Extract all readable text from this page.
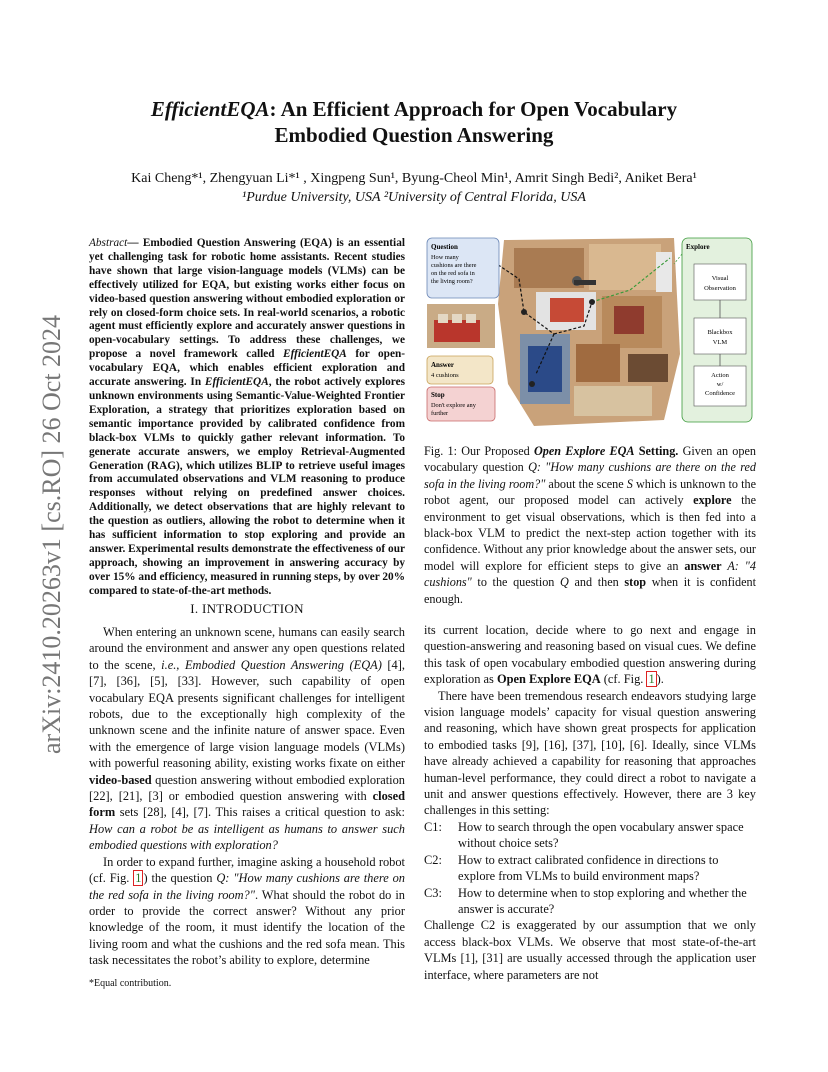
arXiv:2410.20263v1 [cs.RO] 26 Oct 2024
EfficientEQA: An Efficient Approach for Open Vocabulary
Embodied Question Answering
Kai Cheng*¹, Zhengyuan Li*¹ , Xingpeng Sun¹, Byung-Cheol Min¹, Amrit Singh Bedi², Aniket Bera¹
¹Purdue University, USA ²University of Central Florida, USA
Abstract— Embodied Question Answering (EQA) is an essential yet challenging task for robotic home assistants. Recent studies have shown that large vision-language models (VLMs) can be effectively utilized for EQA, but existing works either focus on video-based question answering without embodied exploration or rely on closed-form choice sets. In real-world scenarios, a robotic agent must efficiently explore and accurately answer questions in open-vocabulary settings. To address these challenges, we propose a novel framework called EfficientEQA for open-vocabulary EQA, which enables efficient exploration and accurate answering. In EfficientEQA, the robot actively explores unknown environments using Semantic-Value-Weighted Frontier Exploration, a strategy that prioritizes exploration based on semantic importance provided by calibrated confidence from black-box VLMs to quickly gather relevant information. To generate accurate answers, we employ Retrieval-Augmented Generation (RAG), which utilizes BLIP to retrieve useful images from accumulated observations and VLM reasoning to produce responses without relying on predefined answer choices. Additionally, we detect observations that are highly relevant to the question as outliers, allowing the robot to determine when it has sufficient information to stop exploring and provide an answer. Experimental results demonstrate the effectiveness of our approach, showing an improvement in answering accuracy by over 15% and efficiency, measured in running steps, by over 20% compared to state-of-the-art methods.
I. INTRODUCTION

When entering an unknown scene, humans can easily search around the environment and answer any open questions related to the scene, i.e., Embodied Question Answering (EQA) [4], [7], [36], [5], [33]. However, such capability of open vocabulary EQA presents significant challenges for intelligent robots, due to the exceptionally high complexity of the unknown scene and the infinite nature of answer space. Even with the emergence of large vision language models (VLMs) with powerful reasoning ability, existing works fixate on either video-based question answering without embodied exploration [22], [21], [3] or embodied question answering with closed form sets [28], [4], [7]. This raises a critical question to ask: How can a robot be as intelligent as humans to answer such embodied questions with exploration?

In order to expand further, imagine asking a household robot (cf. Fig. 1 ) the question Q: "How many cushions are there on the red sofa in the living room?". What should the robot do in order to provide the correct answer? Without any prior knowledge of the room, it must identify the location of the living room and what the cushions and the red sofa mean. This task necessitates the robot’s ability to explore, determine

Question
How many
cushions are there
on the red sofa in
the living room?
Answer
4 cushions
Stop
Don't explore any
further
Explore
Visual
Observation
Blackbox
VLM
Action
w/
Confidence
Fig. 1: Our Proposed Open Explore EQA Setting. Given an open vocabulary question Q: "How many cushions are there on the red sofa in the living room?" about the scene S which is unknown to the robot agent, our proposed model can actively explore the environment to get visual observations, which is then fed into a black-box VLM to predict the next-step action together with its confidence. Without any prior knowledge about the answer sets, our model will explore for efficient steps to give an answer A: "4 cushions" to the question Q and then stop when it is confident enough.

its current location, decide where to go next and engage in question-answering and reasoning based on visual cues. We define this task of open vocabulary embodied question answering during exploration as Open Explore EQA (cf. Fig. 1 ).

There have been tremendous research endeavors studying large vision language models’ capacity for visual question answering and reasoning, which have shown great prospects for application to embodied tasks [9], [16], [37], [10], [6]. Ideally, since VLMs have already achieved a capability for reasoning that approaches human-level performance, they could direct a robot to navigate a unit and answer questions effectively. However, there are 3 key challenges in this setting:

C1:	How to search through the open vocabulary answer space without choice sets?
C2:	How to extract calibrated confidence in directions to explore from VLMs to build environment maps?
C3:	How to determine when to stop exploring and whether the answer is accurate?

Challenge C2 is exaggerated by our assumption that we only access black-box VLMs. We observe that most state-of-the-art VLMs [1], [31] are usually accessed through the application user interface, where parameters are not

*Equal contribution.
